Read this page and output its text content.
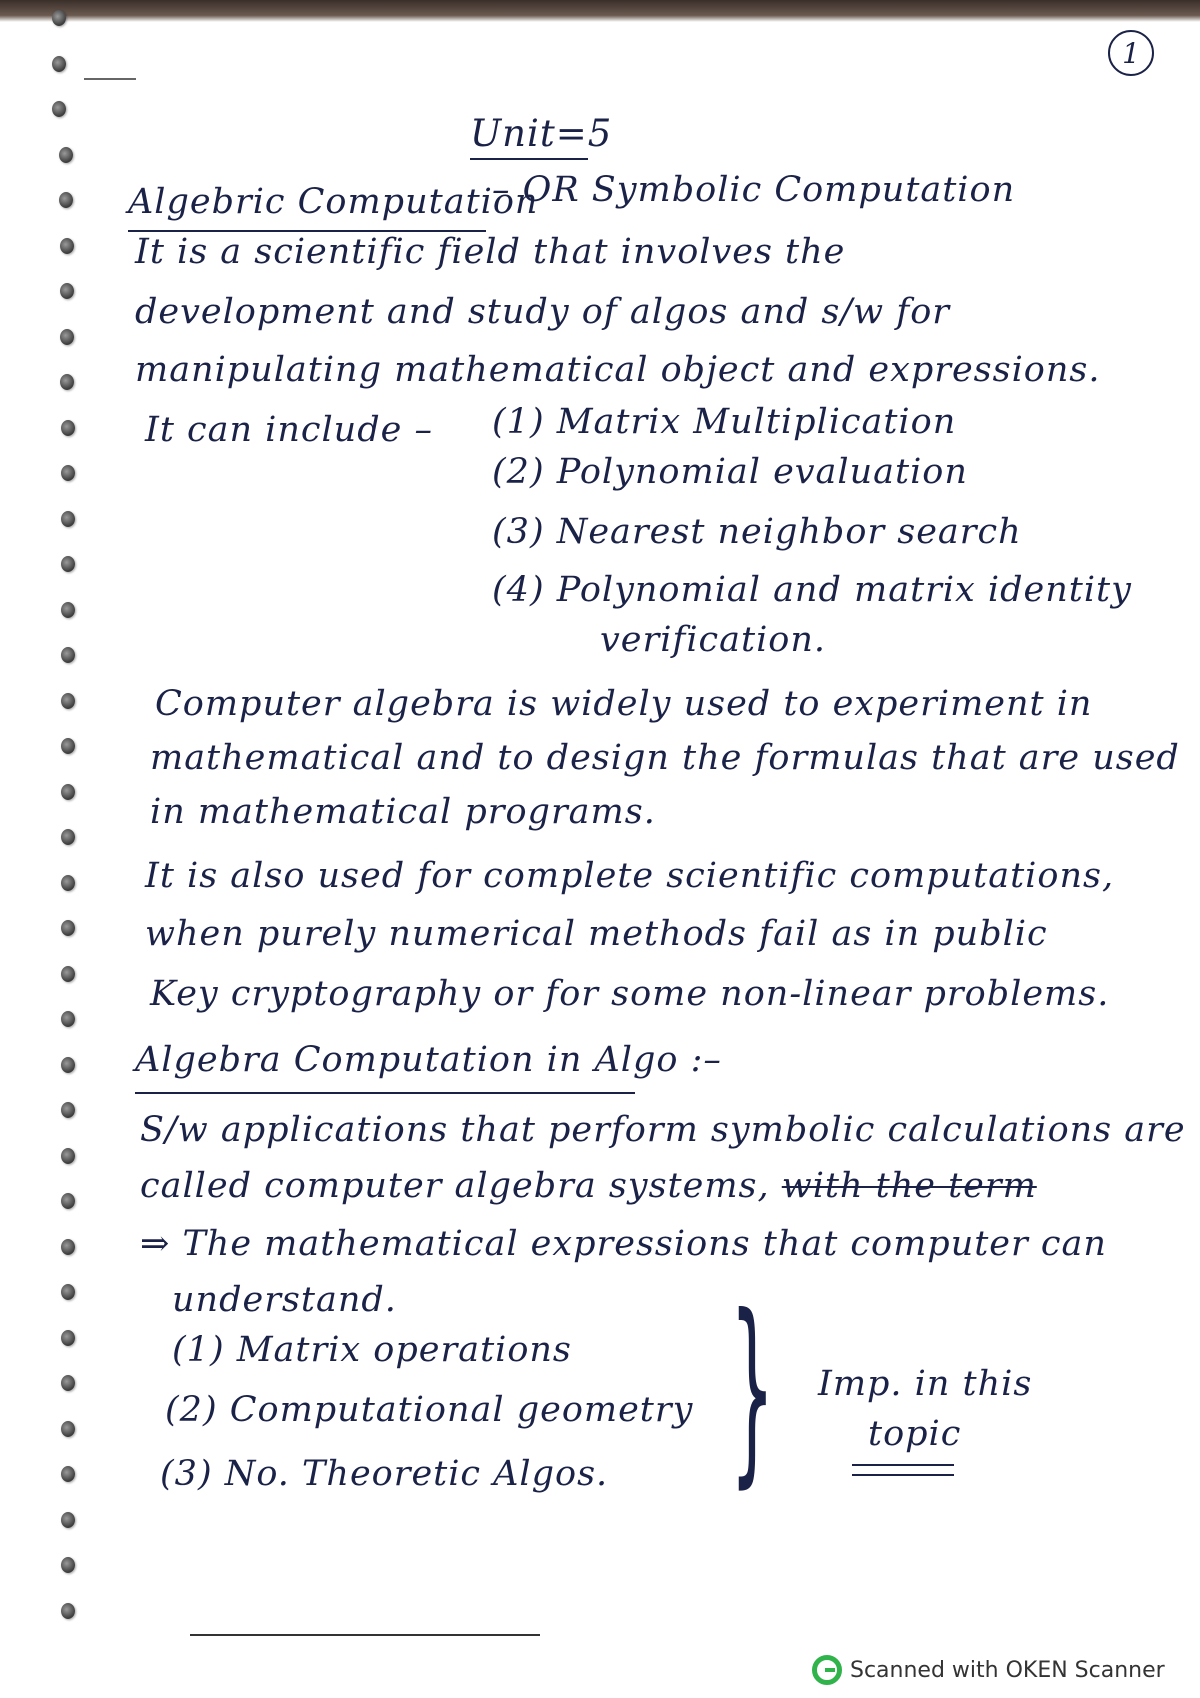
1
Unit=5
Algebric Computation
– OR Symbolic Computation
It is a scientific field that involves the
development and study of algos and s/w for
manipulating mathematical object and expressions.
It can include – (1) Matrix Multiplication
(2) Polynomial evaluation
(3) Nearest neighbor search
(4) Polynomial and matrix identity
verification.
Computer algebra is widely used to experiment in
mathematical and to design the formulas that are used
in mathematical programs.
It is also used for complete scientific computations,
when purely numerical methods fail as in public
Key cryptography or for some non-linear problems.
Algebra Computation in Algo :–
S/w applications that perform symbolic calculations are
called computer algebra systems, with the term
⇒ The mathematical expressions that computer can
understand.
(1) Matrix operations
(2) Computational geometry
(3) No. Theoretic Algos. } Imp. in this
topic
Scanned with OKEN Scanner
